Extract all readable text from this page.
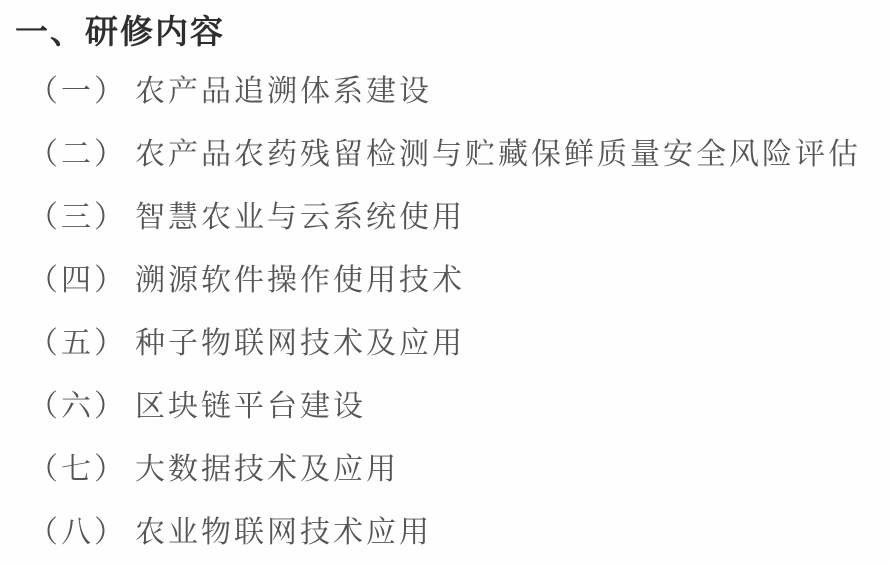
一、研修内容
（一） 农产品追溯体系建设
（二） 农产品农药残留检测与贮藏保鲜质量安全风险评估
（三） 智慧农业与云系统使用
（四） 溯源软件操作使用技术
（五） 种子物联网技术及应用
（六） 区块链平台建设
（七） 大数据技术及应用
（八） 农业物联网技术应用
